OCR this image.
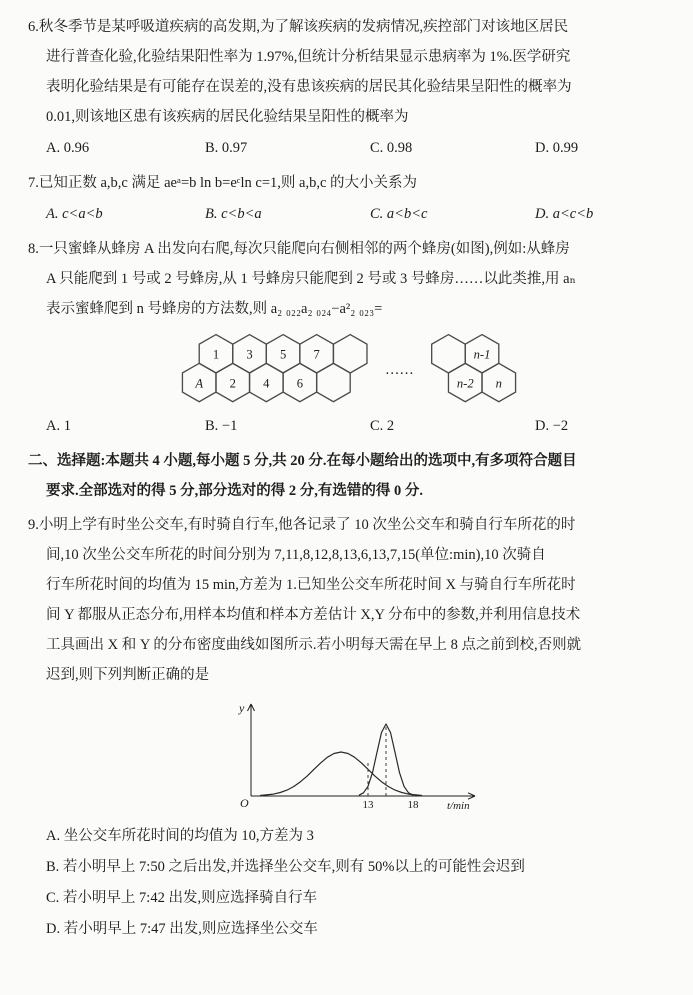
6.秋冬季节是某呼吸道疾病的高发期,为了解该疾病的发病情况,疾控部门对该地区居民
进行普查化验,化验结果阳性率为 1.97%,但统计分析结果显示患病率为 1%.医学研究
表明化验结果是有可能存在误差的,没有患该疾病的居民其化验结果呈阳性的概率为
0.01,则该地区患有该疾病的居民化验结果呈阳性的概率为
A. 0.96	B. 0.97	C. 0.98	D. 0.99
7.已知正数 a,b,c 满足 aeᵃ=b ln b=eᶜln c=1,则 a,b,c 的大小关系为
A. c<a<b	B. c<b<a	C. a<b<c	D. a<c<b
8.一只蜜蜂从蜂房 A 出发向右爬,每次只能爬向右侧相邻的两个蜂房(如图),例如:从蜂房
A 只能爬到 1 号或 2 号蜂房,从 1 号蜂房只能爬到 2 号或 3 号蜂房……以此类推,用 aₙ
表示蜜蜂爬到 n 号蜂房的方法数,则 a₂ ₀₂₂a₂ ₀₂₄−a²₂ ₀₂₃=
1	3	5	7
A	2	4	6
……
n-1
n-2 n
A. 1	B. −1	C. 2	D. −2
二、选择题:本题共 4 小题,每小题 5 分,共 20 分.在每小题给出的选项中,有多项符合题目
要求.全部选对的得 5 分,部分选对的得 2 分,有选错的得 0 分.
9.小明上学有时坐公交车,有时骑自行车,他各记录了 10 次坐公交车和骑自行车所花的时
间,10 次坐公交车所花的时间分别为 7,11,8,12,8,13,6,13,7,15(单位:min),10 次骑自
行车所花时间的均值为 15 min,方差为 1.已知坐公交车所花时间 X 与骑自行车所花时
间 Y 都服从正态分布,用样本均值和样本方差估计 X,Y 分布中的参数,并利用信息技术
工具画出 X 和 Y 的分布密度曲线如图所示.若小明每天需在早上 8 点之前到校,否则就
迟到,则下列判断正确的是
y
O	13	18	t/min
A. 坐公交车所花时间的均值为 10,方差为 3
B. 若小明早上 7:50 之后出发,并选择坐公交车,则有 50%以上的可能性会迟到
C. 若小明早上 7:42 出发,则应选择骑自行车
D. 若小明早上 7:47 出发,则应选择坐公交车
